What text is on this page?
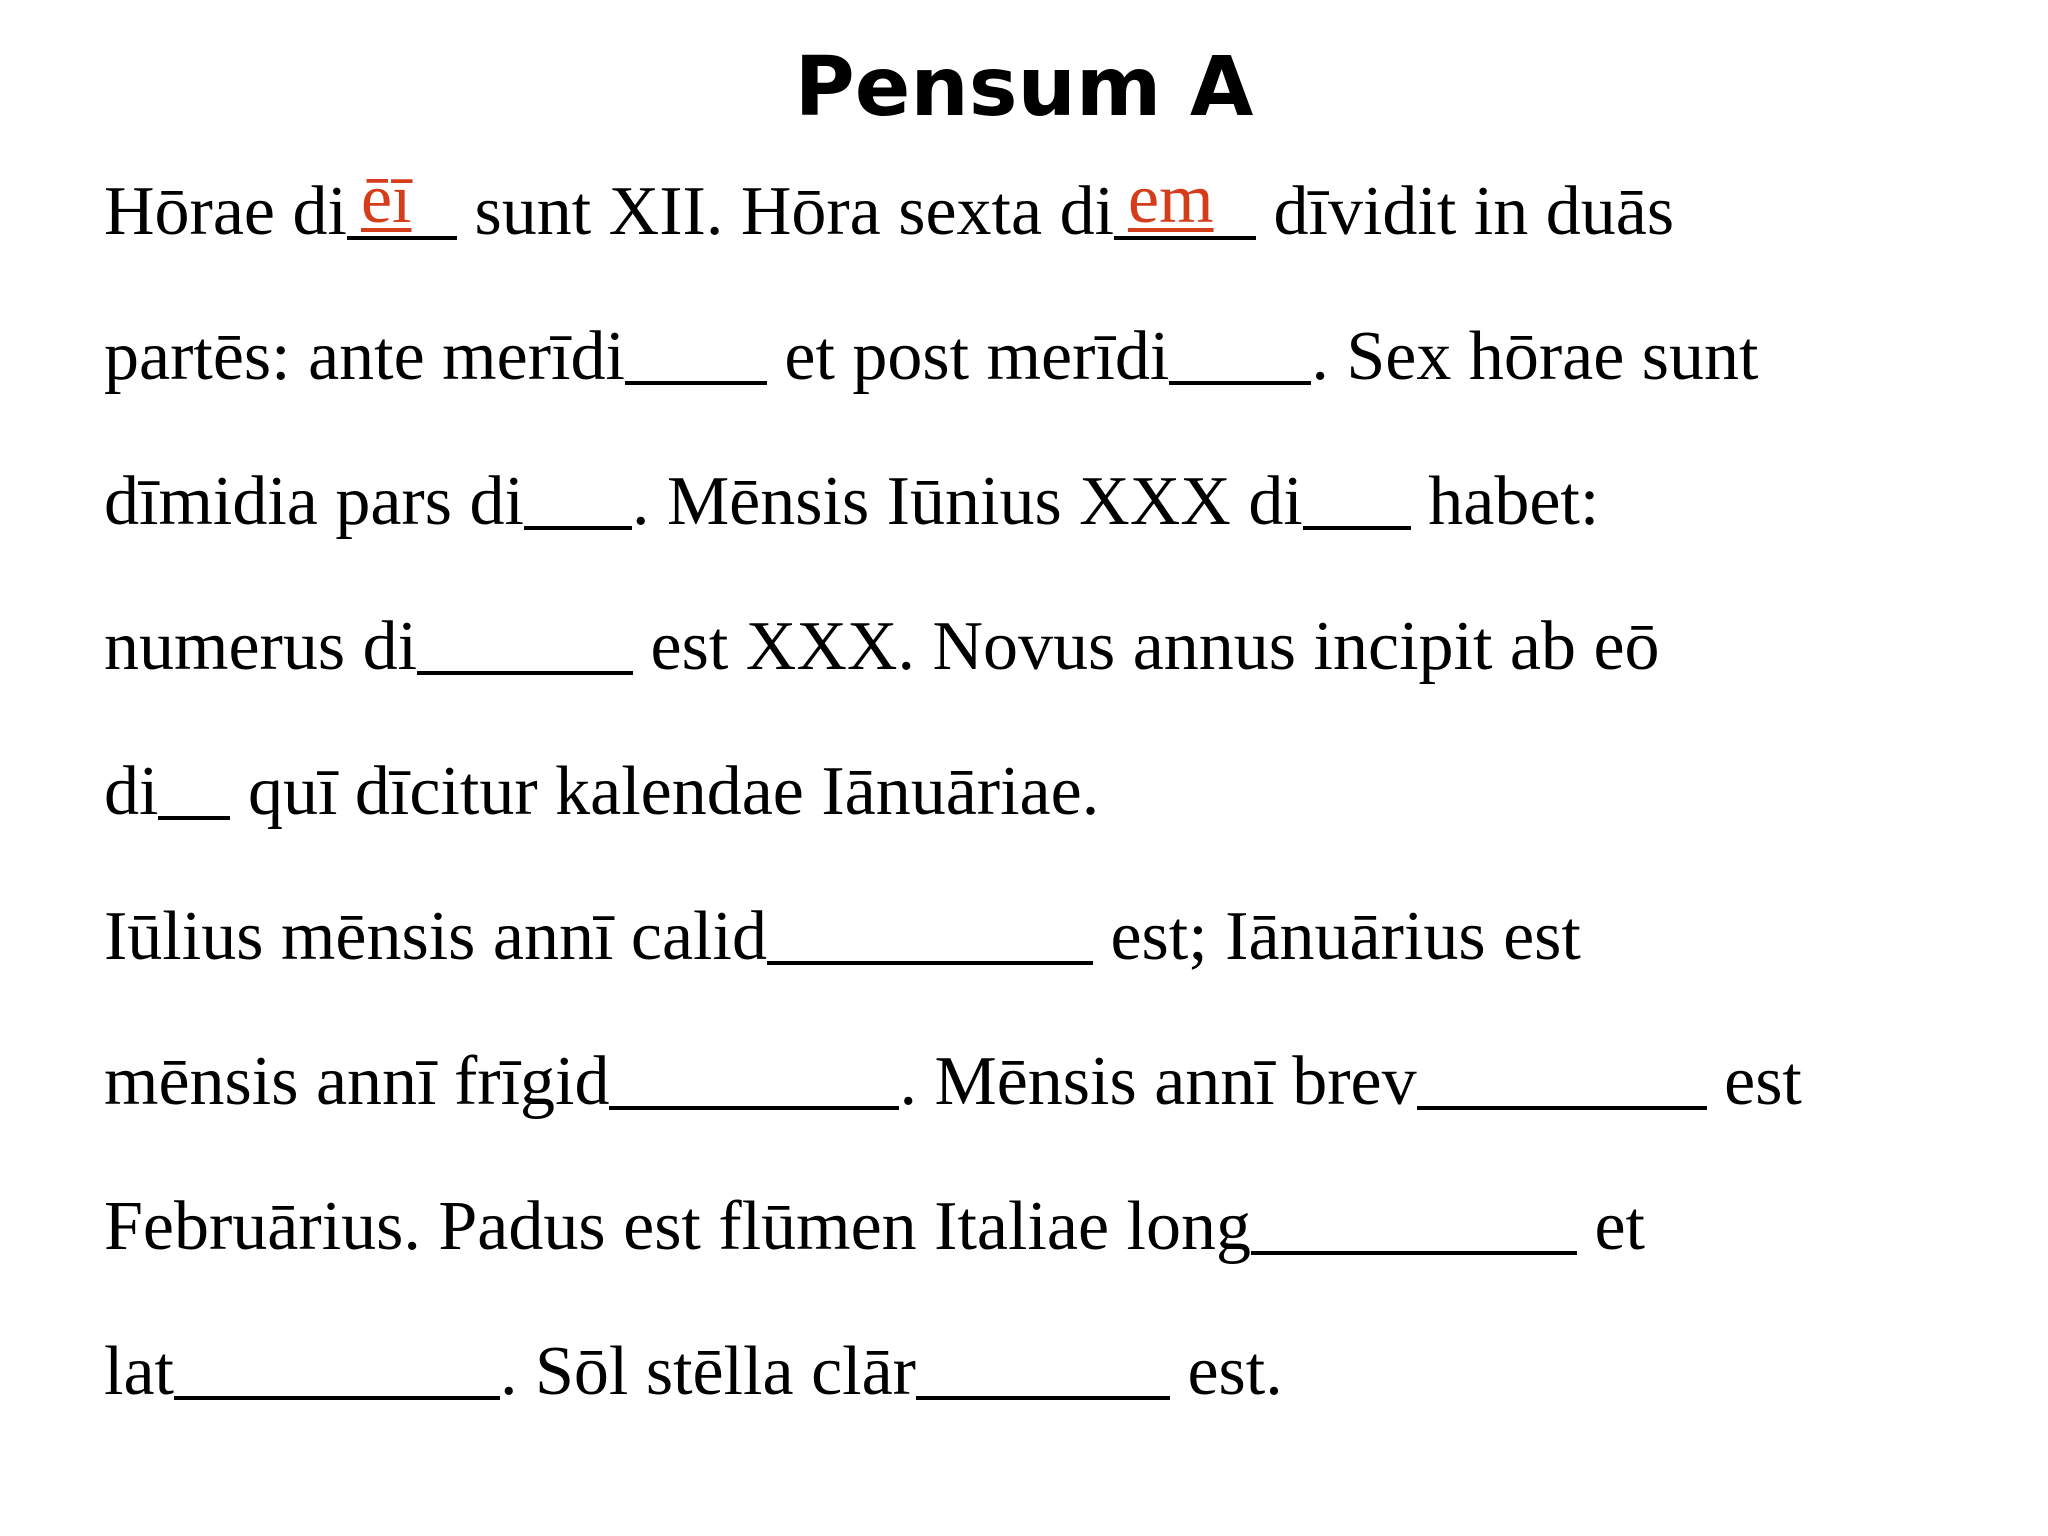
Pensum A
Hōrae di ēī sunt XII. Hōra sexta di em dīvidit in duās
partēs: ante merīdi et post merīdi . Sex hōrae sunt
dīmidia pars di . Mēnsis Iūnius XXX di habet:
numerus di	est XXX. Novus annus incipit ab eō
di quī dīcitur kalendae Iānuāriae.
Iūlius mēnsis annī calid	est; Iānuārius est
mēnsis annī frīgid	. Mēnsis annī brev	est
Februārius. Padus est flūmen Italiae long	et
lat	. Sōl stēlla clār	est.
